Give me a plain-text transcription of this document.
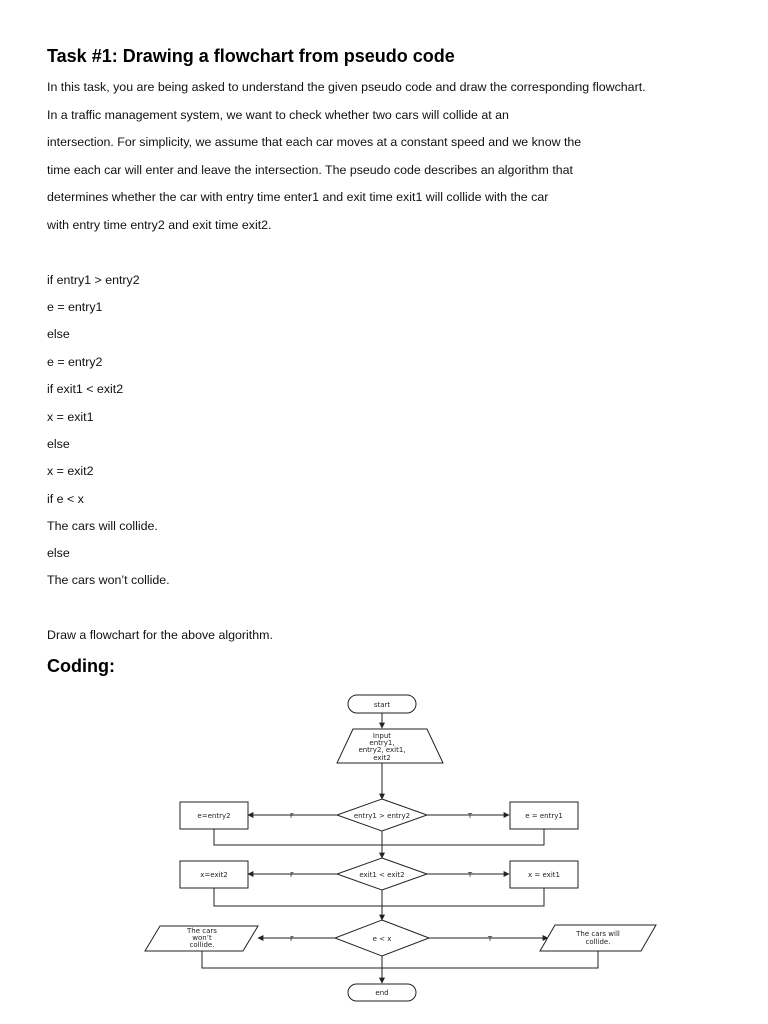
Task #1: Drawing a flowchart from pseudo code

In this task, you are being asked to understand the given pseudo code and draw the corresponding flowchart.

In a traffic management system, we want to check whether two cars will collide at an

intersection. For simplicity, we assume that each car moves at a constant speed and we know the

time each car will enter and leave the intersection. The pseudo code describes an algorithm that

determines whether the car with entry time enter1 and exit time exit1 will collide with the car

with entry time entry2 and exit time exit2.

if entry1 > entry2

e = entry1

else

e = entry2

if exit1 < exit2

x = exit1

else

x = exit2

if e < x

The cars will collide.

else

The cars won’t collide.

Draw a flowchart for the above algorithm.

Coding:
F	T
F	T
F	T
start
Input
entry1,
entry2, exit1,
exit2
entry1 > entry2
e=entry2	e = entry1
exit1 < exit2
x=exit2	x = exit1
e < x
The cars
won’t
collide.
The cars will
collide.
end
